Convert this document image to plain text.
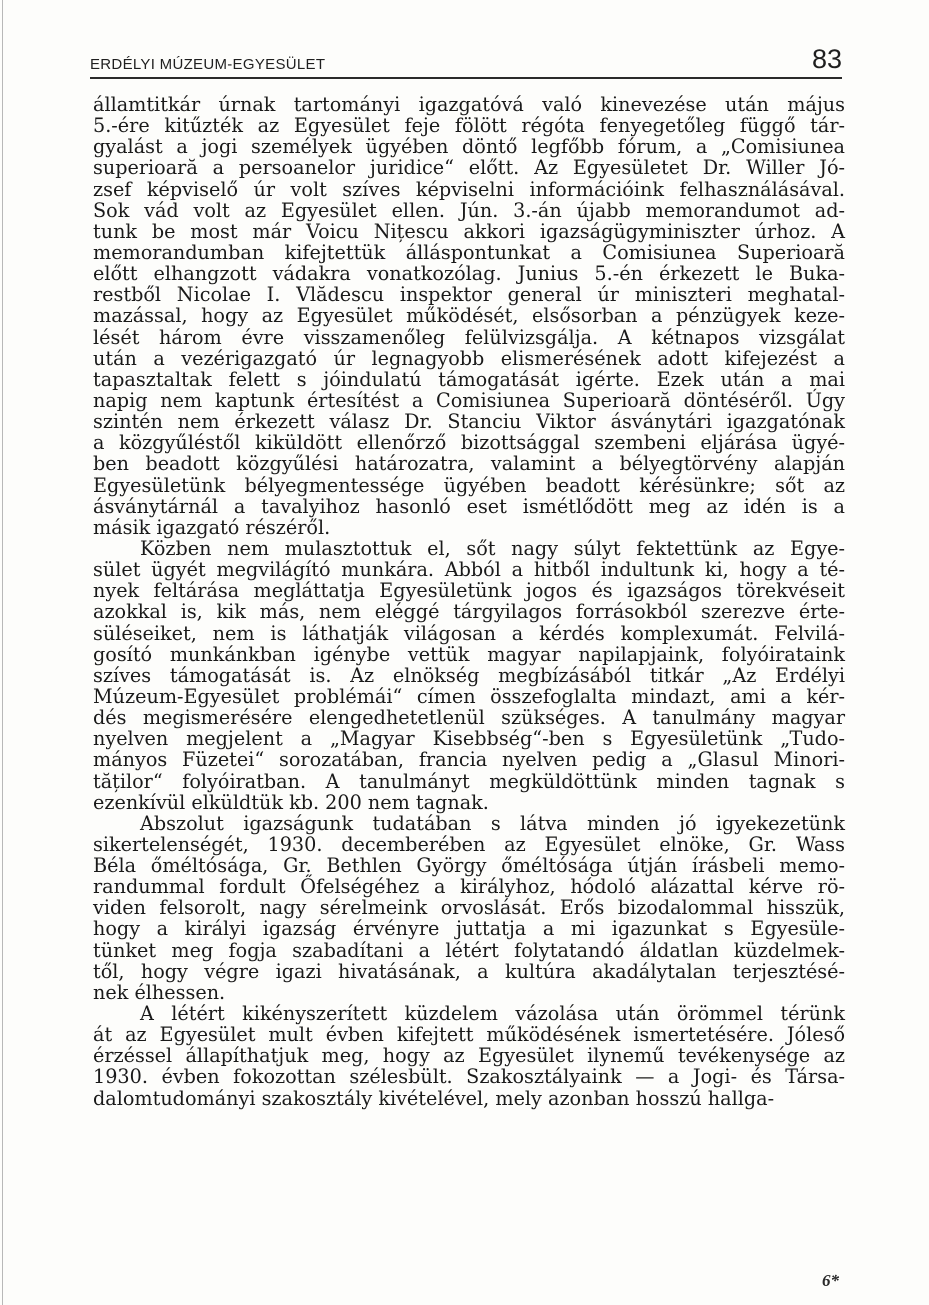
ERDÉLYI MÚZEUM-EGYESÜLET	83
államtitkár úrnak tartományi igazgatóvá való kinevezése után május
5.-ére kitűzték az Egyesület feje fölött régóta fenyegetőleg függő tár-
gyalást a jogi személyek ügyében döntő legfőbb fórum, a „Comisiunea
superioară a persoanelor juridice“ előtt. Az Egyesületet Dr. Willer Jó-
zsef képviselő úr volt szíves képviselni információink felhasználásával.
Sok vád volt az Egyesület ellen. Jún. 3.-án újabb memorandumot ad-
tunk be most már Voicu Nițescu akkori igazságügyminiszter úrhoz. A
memorandumban kifejtettük álláspontunkat a Comisiunea Superioară
előtt elhangzott vádakra vonatkozólag. Junius 5.-én érkezett le Buka-
restből Nicolae I. Vlădescu inspektor general úr miniszteri meghatal-
mazással, hogy az Egyesület működését, elsősorban a pénzügyek keze-
lését három évre visszamenőleg felülvizsgálja. A kétnapos vizsgálat
után a vezérigazgató úr legnagyobb elismerésének adott kifejezést a
tapasztaltak felett s jóindulatú támogatását igérte. Ezek után a mai
napig nem kaptunk értesítést a Comisiunea Superioară döntéséről. Úgy
szintén nem érkezett válasz Dr. Stanciu Viktor ásványtári igazgatónak
a közgyűléstől kiküldött ellenőrző bizottsággal szembeni eljárása ügyé-
ben beadott közgyűlési határozatra, valamint a bélyegtörvény alapján
Egyesületünk bélyegmentessége ügyében beadott kérésünkre; sőt az
ásványtárnál a tavalyihoz hasonló eset ismétlődött meg az idén is a
másik igazgató részéről.
Közben nem mulasztottuk el, sőt nagy súlyt fektettünk az Egye-
sület ügyét megvilágító munkára. Abból a hitből indultunk ki, hogy a té-
nyek feltárása megláttatja Egyesületünk jogos és igazságos törekvéseit
azokkal is, kik más, nem eléggé tárgyilagos forrásokból szerezve érte-
süléseiket, nem is láthatják világosan a kérdés komplexumát. Felvilá-
gosító munkánkban igénybe vettük magyar napilapjaink, folyóirataink
szíves támogatását is. Az elnökség megbízásából titkár „Az Erdélyi
Múzeum-Egyesület problémái“ címen összefoglalta mindazt, ami a kér-
dés megismerésére elengedhetetlenül szükséges. A tanulmány magyar
nyelven megjelent a „Magyar Kisebbség“-ben s Egyesületünk „Tudo-
mányos Füzetei“ sorozatában, francia nyelven pedig a „Glasul Minori-
tăților“ folyóiratban. A tanulmányt megküldöttünk minden tagnak s
ezenkívül elküldtük kb. 200 nem tagnak.
Abszolut igazságunk tudatában s látva minden jó igyekezetünk
sikertelenségét, 1930. decemberében az Egyesület elnöke, Gr. Wass
Béla őméltósága, Gr. Bethlen György őméltósága útján írásbeli memo-
randummal fordult Őfelségéhez a királyhoz, hódoló alázattal kérve rö-
viden felsorolt, nagy sérelmeink orvoslását. Erős bizodalommal hisszük,
hogy a királyi igazság érvényre juttatja a mi igazunkat s Egyesüle-
tünket meg fogja szabadítani a létért folytatandó áldatlan küzdelmek-
től, hogy végre igazi hivatásának, a kultúra akadálytalan terjesztésé-
nek élhessen.
A létért kikényszerített küzdelem vázolása után örömmel térünk
át az Egyesület mult évben kifejtett működésének ismertetésére. Jóleső
érzéssel állapíthatjuk meg, hogy az Egyesület ilynemű tevékenysége az
1930. évben fokozottan szélesbült. Szakosztályaink — a Jogi- és Társa-
dalomtudományi szakosztály kivételével, mely azonban hosszú hallga-
6*
